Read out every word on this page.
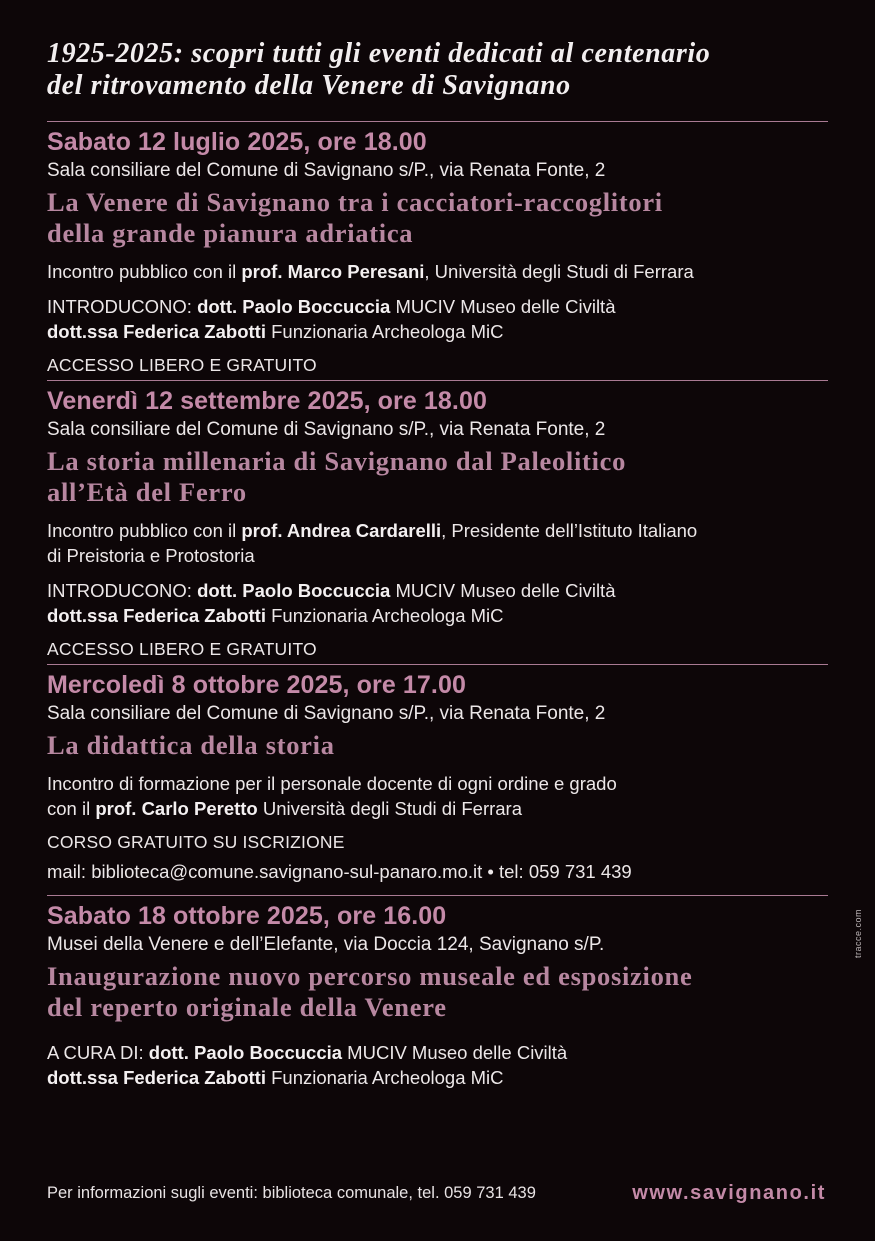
1925-2025: scopri tutti gli eventi dedicati al centenario
del ritrovamento della Venere di Savignano
Sabato 12 luglio 2025, ore 18.00
Sala consiliare del Comune di Savignano s/P., via Renata Fonte, 2
La Venere di Savignano tra i cacciatori-raccoglitori
della grande pianura adriatica
Incontro pubblico con il prof. Marco Peresani, Università degli Studi di Ferrara
INTRODUCONO: dott. Paolo Boccuccia MUCIV Museo delle Civiltà
dott.ssa Federica Zabotti Funzionaria Archeologa MiC
ACCESSO LIBERO E GRATUITO
Venerdì 12 settembre 2025, ore 18.00
Sala consiliare del Comune di Savignano s/P., via Renata Fonte, 2
La storia millenaria di Savignano dal Paleolitico
all’Età del Ferro
Incontro pubblico con il prof. Andrea Cardarelli, Presidente dell’Istituto Italiano
di Preistoria e Protostoria
INTRODUCONO: dott. Paolo Boccuccia MUCIV Museo delle Civiltà
dott.ssa Federica Zabotti Funzionaria Archeologa MiC
ACCESSO LIBERO E GRATUITO
Mercoledì 8 ottobre 2025, ore 17.00
Sala consiliare del Comune di Savignano s/P., via Renata Fonte, 2
La didattica della storia
Incontro di formazione per il personale docente di ogni ordine e grado
con il prof. Carlo Peretto Università degli Studi di Ferrara
CORSO GRATUITO SU ISCRIZIONE
mail: biblioteca@comune.savignano-sul-panaro.mo.it • tel: 059 731 439
Sabato 18 ottobre 2025, ore 16.00
Musei della Venere e dell’Elefante, via Doccia 124, Savignano s/P.
Inaugurazione nuovo percorso museale ed esposizione
del reperto originale della Venere
A CURA DI: dott. Paolo Boccuccia MUCIV Museo delle Civiltà
dott.ssa Federica Zabotti Funzionaria Archeologa MiC
Per informazioni sugli eventi: biblioteca comunale, tel. 059 731 439	www.savignano.it
tracce.com
